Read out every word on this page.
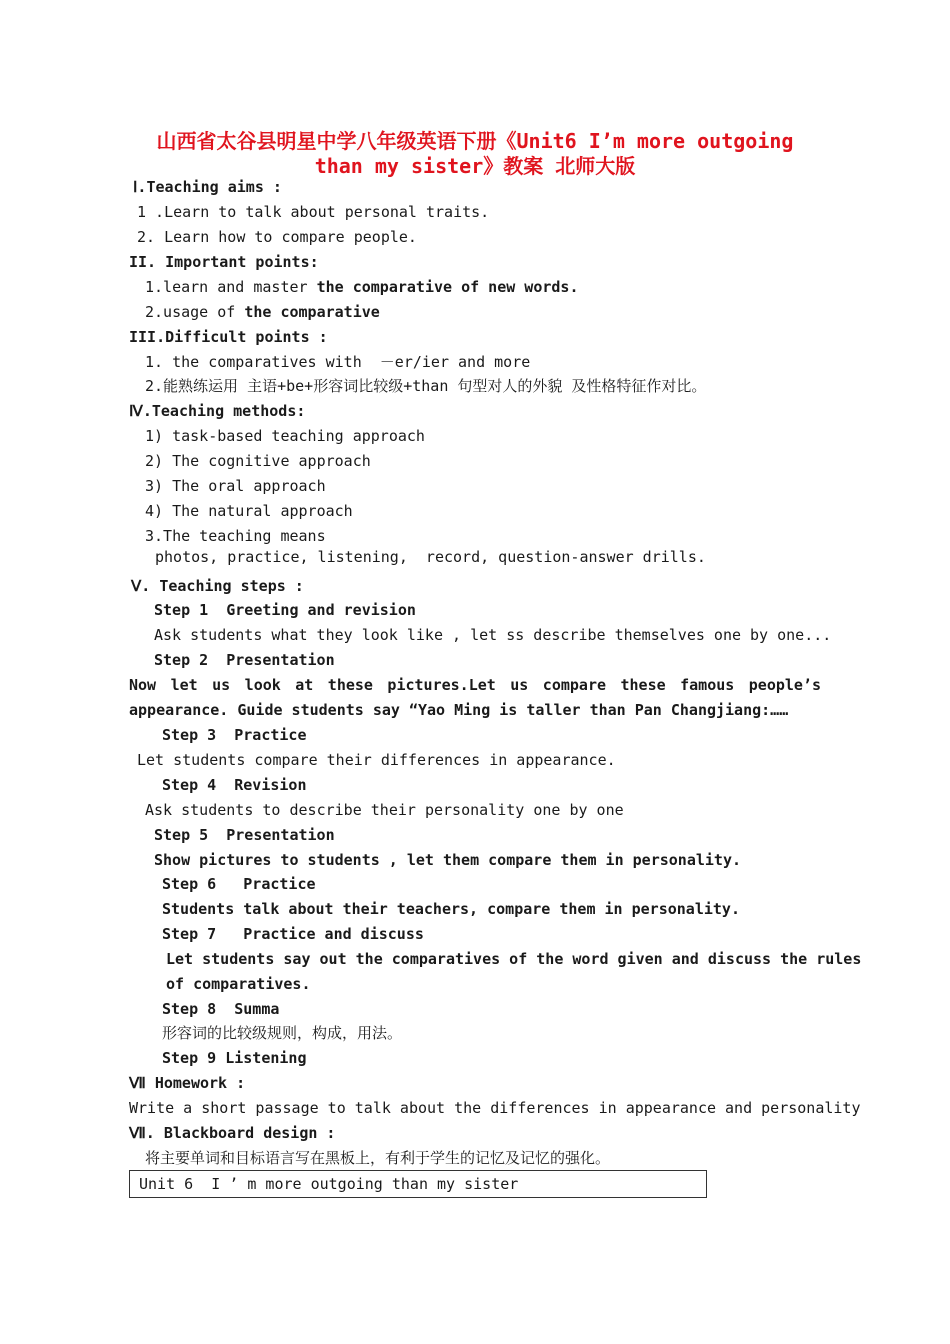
山西省太谷县明星中学八年级英语下册《Unit6 I’m more outgoing
than my sister》教案 北师大版
Ⅰ.Teaching aims :
1 .Learn to talk about personal traits.
2. Learn how to compare people.
II. Important points:
1.learn and master the comparative of new words.
2.usage of the comparative
III.Difficult points :
1. the comparatives with  －er/ier and more
2.能熟练运用 主语+be+形容词比较级+than 句型对人的外貌 及性格特征作对比。
Ⅳ.Teaching methods:
1) task-based teaching approach
2) The cognitive approach
3) The oral approach
4) The natural approach
3.The teaching means
photos, practice, listening,  record, question-answer drills.
Ⅴ. Teaching steps :
Step 1  Greeting and revision
Ask students what they look like , let ss describe themselves one by one...
Step 2  Presentation
Now let us look at these pictures.Let us compare these famous people’s
appearance. Guide students say “Yao Ming is taller than Pan Changjiang:……
Step 3  Practice
Let students compare their differences in appearance.
Step 4  Revision
Ask students to describe their personality one by one
Step 5  Presentation
Show pictures to students , let them compare them in personality.
Step 6   Practice
Students talk about their teachers, compare them in personality.
Step 7   Practice and discuss
Let students say out the comparatives of the word given and discuss the rules
of comparatives.
Step 8  Summa
形容词的比较级规则，构成，用法。
Step 9 Listening
Ⅶ Homework :
Write a short passage to talk about the differences in appearance and personality
Ⅶ. Blackboard design :
将主要单词和目标语言写在黑板上，有利于学生的记忆及记忆的强化。
Unit 6  I ’ m more outgoing than my sister
